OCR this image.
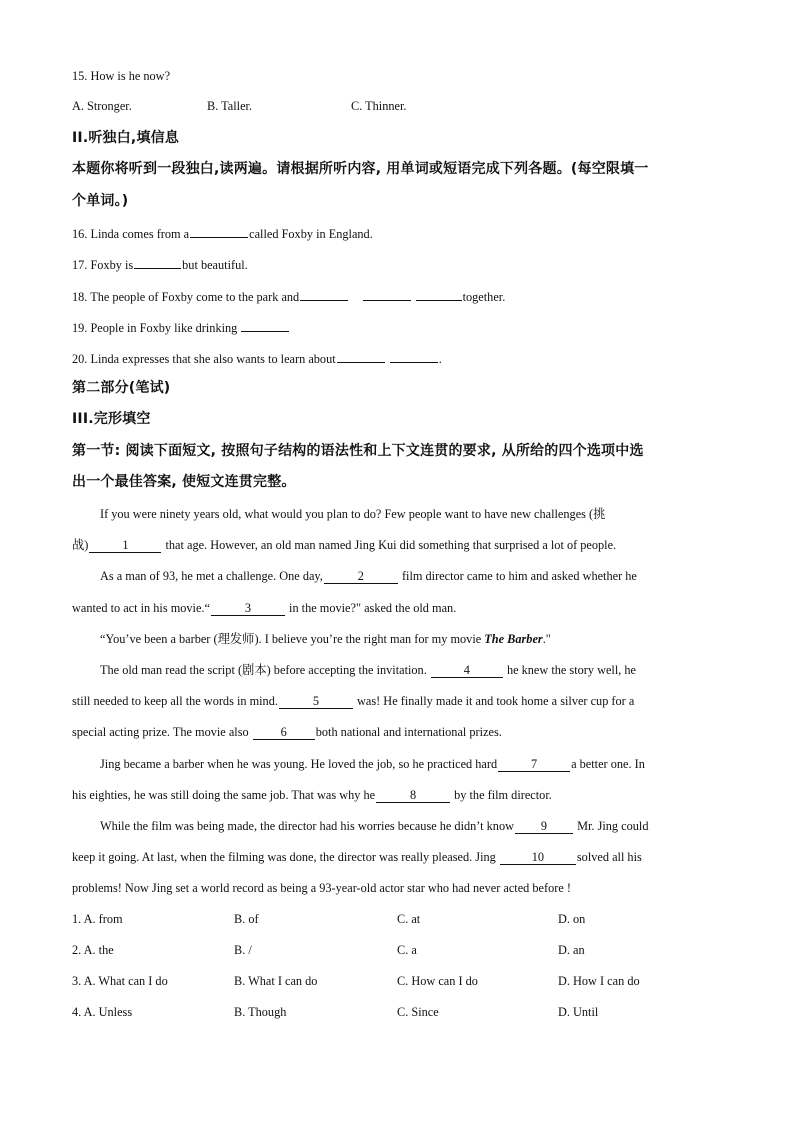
15. How is he now?
A. Stronger.	B. Taller.	C. Thinner.
II.听独白,填信息
本题你将听到一段独白,读两遍。请根据所听内容, 用单词或短语完成下列各题。(每空限填一
个单词。)
16. Linda comes from a	called Foxby in England.
17. Foxby is	but beautiful.
18. The people of Foxby come to the park and	together.
19. People in Foxby like drinking
20. Linda expresses that she also wants to learn about	.
第二部分(笔试)
III.完形填空
第一节: 阅读下面短文, 按照句子结构的语法性和上下文连贯的要求, 从所给的四个选项中选
出一个最佳答案, 使短文连贯完整。
If you were ninety years old, what would you plan to do? Few people want to have new challenges (挑
战)	1	that age. However, an old man named Jing Kui did something that surprised a lot of people.
As a man of 93, he met a challenge. One day,	2	film director came to him and asked whether he
wanted to act in his movie.“	3	in the movie?" asked the old man.
“You’ve been a barber (理发师). I believe you’re the right man for my movie The Barber."
The old man read the script (剧本) before accepting the invitation.	4	he knew the story well, he
still needed to keep all the words in mind.	5	was! He finally made it and took home a silver cup for a
special acting prize. The movie also	6 both national and international prizes.
Jing became a barber when he was young. He loved the job, so he practiced hard	7	a better one. In
his eighties, he was still doing the same job. That was why he	8	by the film director.
While the film was being made, the director had his worries because he didn’t know 9 Mr. Jing could
keep it going. At last, when the filming was done, the director was really pleased. Jing	10	solved all his
problems! Now Jing set a world record as being a 93-year-old actor star who had never acted before !
1. A. from	B. of	C. at	D. on
2. A. the	B. /	C. a	D. an
3. A. What can I do	B. What I can do	C. How can I do	D. How I can do
4. A. Unless	B. Though	C. Since	D. Until
